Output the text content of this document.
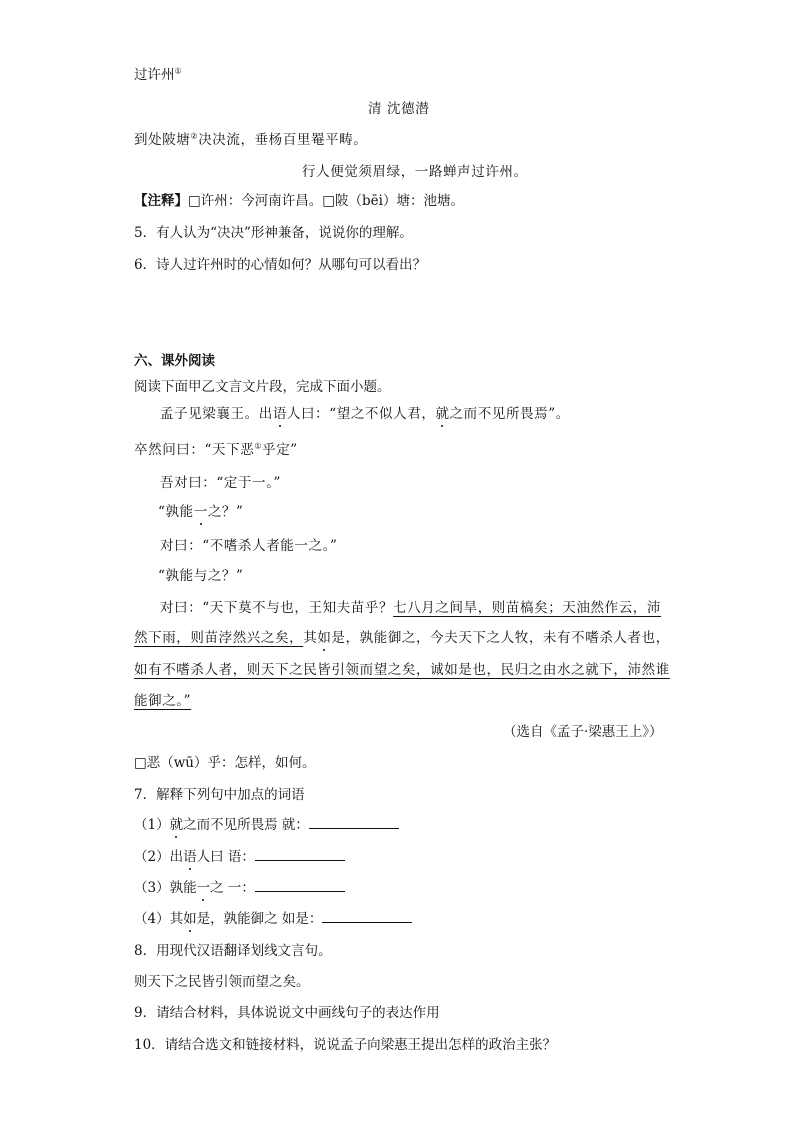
过许州①
清 沈德潜
到处陂塘②决决流，垂杨百里罨平畴。
行人便觉须眉绿，一路蝉声过许州。
【注释】□许州：今河南许昌。□陂（bēi）塘：池塘。
5．有人认为“决决”形神兼备，说说你的理解。
6．诗人过许州时的心情如何？从哪句可以看出？
六、课外阅读
阅读下面甲乙文言文片段，完成下面小题。
孟子见梁襄王。出语人曰：“望之不似人君，就之而不见所畏焉”。
卒然问曰：“天下恶①乎定”
吾对曰：“定于一。”
“孰能一之？”
对曰：“不嗜杀人者能一之。”
“孰能与之？”
对曰：“天下莫不与也，王知夫苗乎？七八月之间旱，则苗槁矣；天油然作云，沛
然下雨，则苗浡然兴之矣，其如是，孰能御之，今夫天下之人牧，未有不嗜杀人者也，
如有不嗜杀人者，则天下之民皆引领而望之矣，诚如是也，民归之由水之就下，沛然谁
能御之。”
（选自《孟子·梁惠王上》）
□恶（wū）乎：怎样，如何。
7．解释下列句中加点的词语
（1）就之而不见所畏焉 就：
（2）出语人曰 语：
（3）孰能一之 一：
（4）其如是，孰能御之 如是：
8．用现代汉语翻译划线文言句。
则天下之民皆引领而望之矣。
9．请结合材料，具体说说文中画线句子的表达作用
10．请结合选文和链接材料，说说孟子向梁惠王提出怎样的政治主张？
